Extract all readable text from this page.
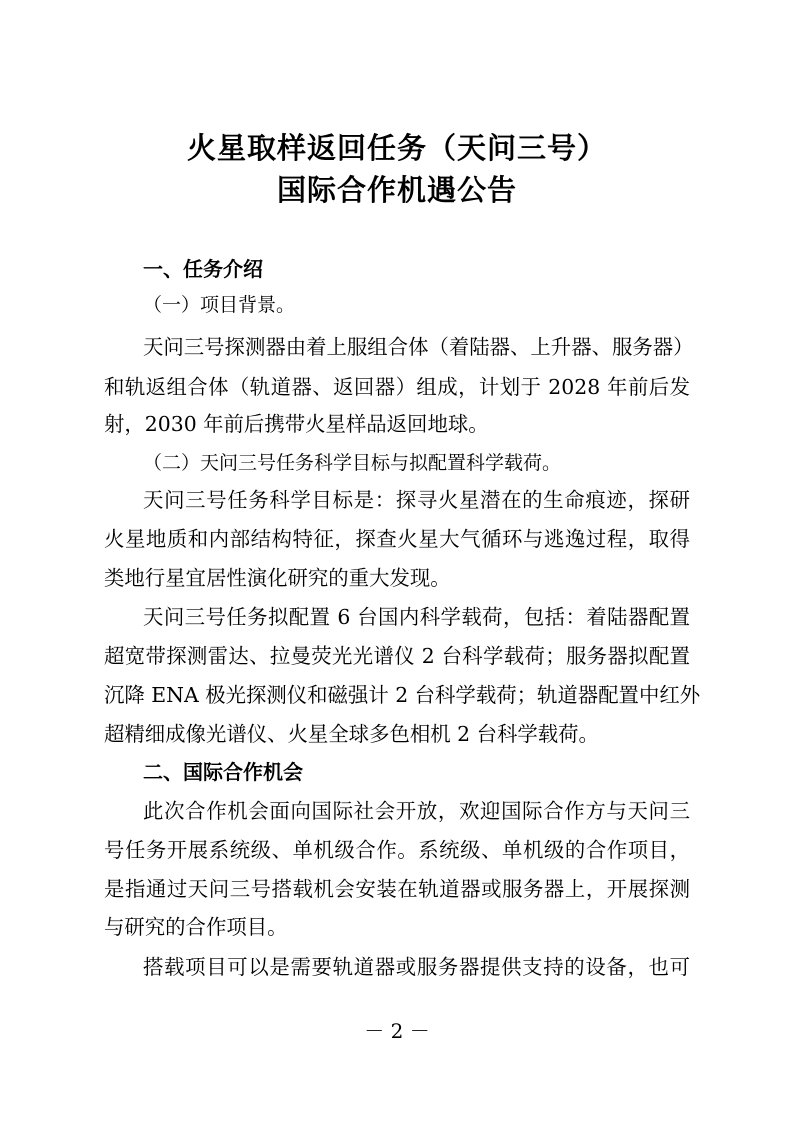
火星取样返回任务（天问三号）
国际合作机遇公告
一、任务介绍
（一）项目背景。
天问三号探测器由着上服组合体（着陆器、上升器、服务器）
和轨返组合体（轨道器、返回器）组成，计划于 2028 年前后发
射，2030 年前后携带火星样品返回地球。
（二）天问三号任务科学目标与拟配置科学载荷。
天问三号任务科学目标是：探寻火星潜在的生命痕迹，探研
火星地质和内部结构特征，探查火星大气循环与逃逸过程，取得
类地行星宜居性演化研究的重大发现。
天问三号任务拟配置 6 台国内科学载荷，包括：着陆器配置
超宽带探测雷达、拉曼荧光光谱仪 2 台科学载荷；服务器拟配置
沉降 ENA 极光探测仪和磁强计 2 台科学载荷；轨道器配置中红外
超精细成像光谱仪、火星全球多色相机 2 台科学载荷。
二、国际合作机会
此次合作机会面向国际社会开放，欢迎国际合作方与天问三
号任务开展系统级、单机级合作。系统级、单机级的合作项目，
是指通过天问三号搭载机会安装在轨道器或服务器上，开展探测
与研究的合作项目。
搭载项目可以是需要轨道器或服务器提供支持的设备，也可
－ 2 －
